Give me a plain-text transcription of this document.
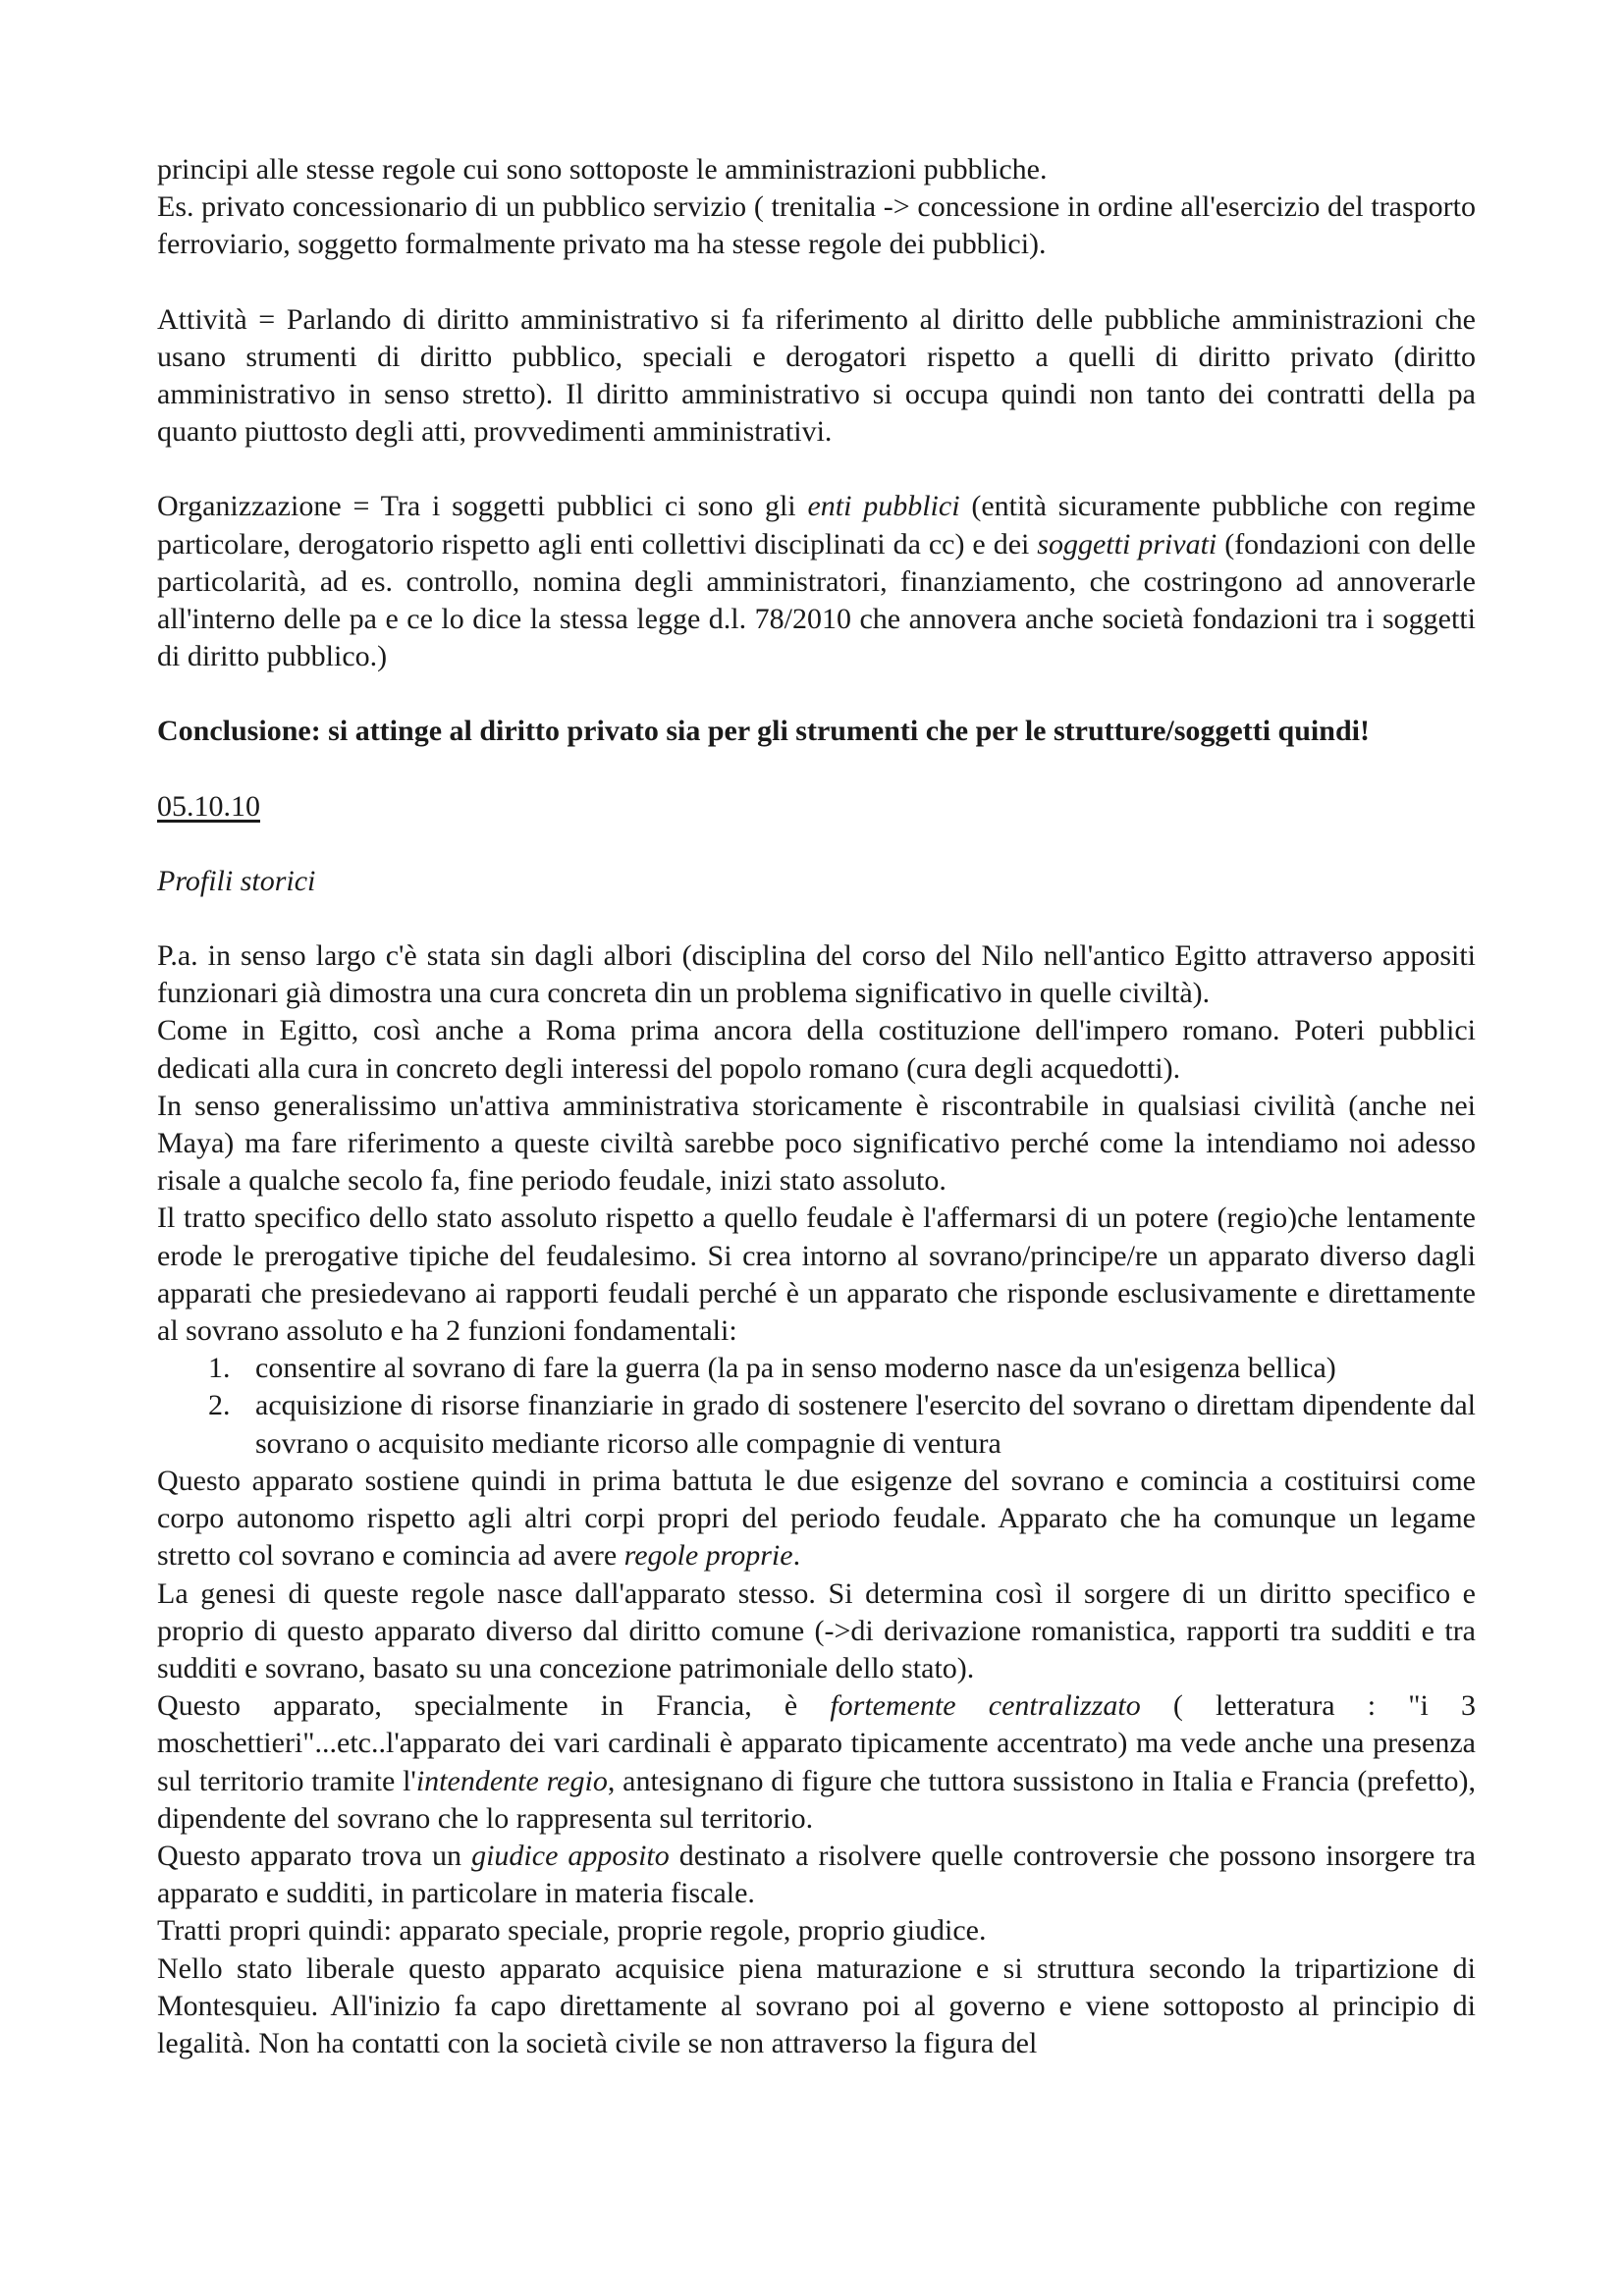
principi alle stesse regole cui sono sottoposte le amministrazioni pubbliche.

Es. privato concessionario di un pubblico servizio ( trenitalia -> concessione in ordine all'esercizio del trasporto ferroviario, soggetto formalmente privato ma ha stesse regole dei pubblici).

Attività = Parlando di diritto amministrativo si fa riferimento al diritto delle pubbliche amministrazioni che usano strumenti di diritto pubblico, speciali e derogatori rispetto a quelli di diritto privato (diritto amministrativo in senso stretto). Il diritto amministrativo si occupa quindi non tanto dei contratti della pa quanto piuttosto degli atti, provvedimenti amministrativi.

Organizzazione = Tra i soggetti pubblici ci sono gli enti pubblici (entità sicuramente pubbliche con regime particolare, derogatorio rispetto agli enti collettivi disciplinati da cc) e dei soggetti privati (fondazioni con delle particolarità, ad es. controllo, nomina degli amministratori, finanziamento, che costringono ad annoverarle all'interno delle pa e ce lo dice la stessa legge d.l. 78/2010 che annovera anche società fondazioni tra i soggetti di diritto pubblico.)

Conclusione: si attinge al diritto privato sia per gli strumenti che per le strutture/soggetti quindi!

05.10.10

Profili storici

P.a. in senso largo c'è stata sin dagli albori (disciplina del corso del Nilo nell'antico Egitto attraverso appositi funzionari già dimostra una cura concreta din un problema significativo in quelle civiltà).

Come in Egitto, così anche a Roma prima ancora della costituzione dell'impero romano. Poteri pubblici dedicati alla cura in concreto degli interessi del popolo romano (cura degli acquedotti).

In senso generalissimo un'attiva amministrativa storicamente è riscontrabile in qualsiasi civilità (anche nei Maya) ma fare riferimento a queste civiltà sarebbe poco significativo perché come la intendiamo noi adesso risale a qualche secolo fa, fine periodo feudale, inizi stato assoluto.

Il tratto specifico dello stato assoluto rispetto a quello feudale è l'affermarsi di un potere (regio)che lentamente erode le prerogative tipiche del feudalesimo. Si crea intorno al sovrano/principe/re un apparato diverso dagli apparati che presiedevano ai rapporti feudali perché è un apparato che risponde esclusivamente e direttamente al sovrano assoluto e ha 2 funzioni fondamentali:

1. consentire al sovrano di fare la guerra (la pa in senso moderno nasce da un'esigenza bellica)
2. acquisizione di risorse finanziarie in grado di sostenere l'esercito del sovrano o direttam dipendente dal sovrano o acquisito mediante ricorso alle compagnie di ventura

Questo apparato sostiene quindi in prima battuta le due esigenze del sovrano e comincia a costituirsi come corpo autonomo rispetto agli altri corpi propri del periodo feudale. Apparato che ha comunque un legame stretto col sovrano e comincia ad avere regole proprie.

La genesi di queste regole nasce dall'apparato stesso. Si determina così il sorgere di un diritto specifico e proprio di questo apparato diverso dal diritto comune (->di derivazione romanistica, rapporti tra sudditi e tra sudditi e sovrano, basato su una concezione patrimoniale dello stato).

Questo apparato, specialmente in Francia, è fortemente centralizzato ( letteratura : "i 3 moschettieri"...etc..l'apparato dei vari cardinali è apparato tipicamente accentrato) ma vede anche una presenza sul territorio tramite l'intendente regio, antesignano di figure che tuttora sussistono in Italia e Francia (prefetto), dipendente del sovrano che lo rappresenta sul territorio.

Questo apparato trova un giudice apposito destinato a risolvere quelle controversie che possono insorgere tra apparato e sudditi, in particolare in materia fiscale.

Tratti propri quindi: apparato speciale, proprie regole, proprio giudice.

Nello stato liberale questo apparato acquisice piena maturazione e si struttura secondo la tripartizione di Montesquieu. All'inizio fa capo direttamente al sovrano poi al governo e viene sottoposto al principio di legalità. Non ha contatti con la società civile se non attraverso la figura del
